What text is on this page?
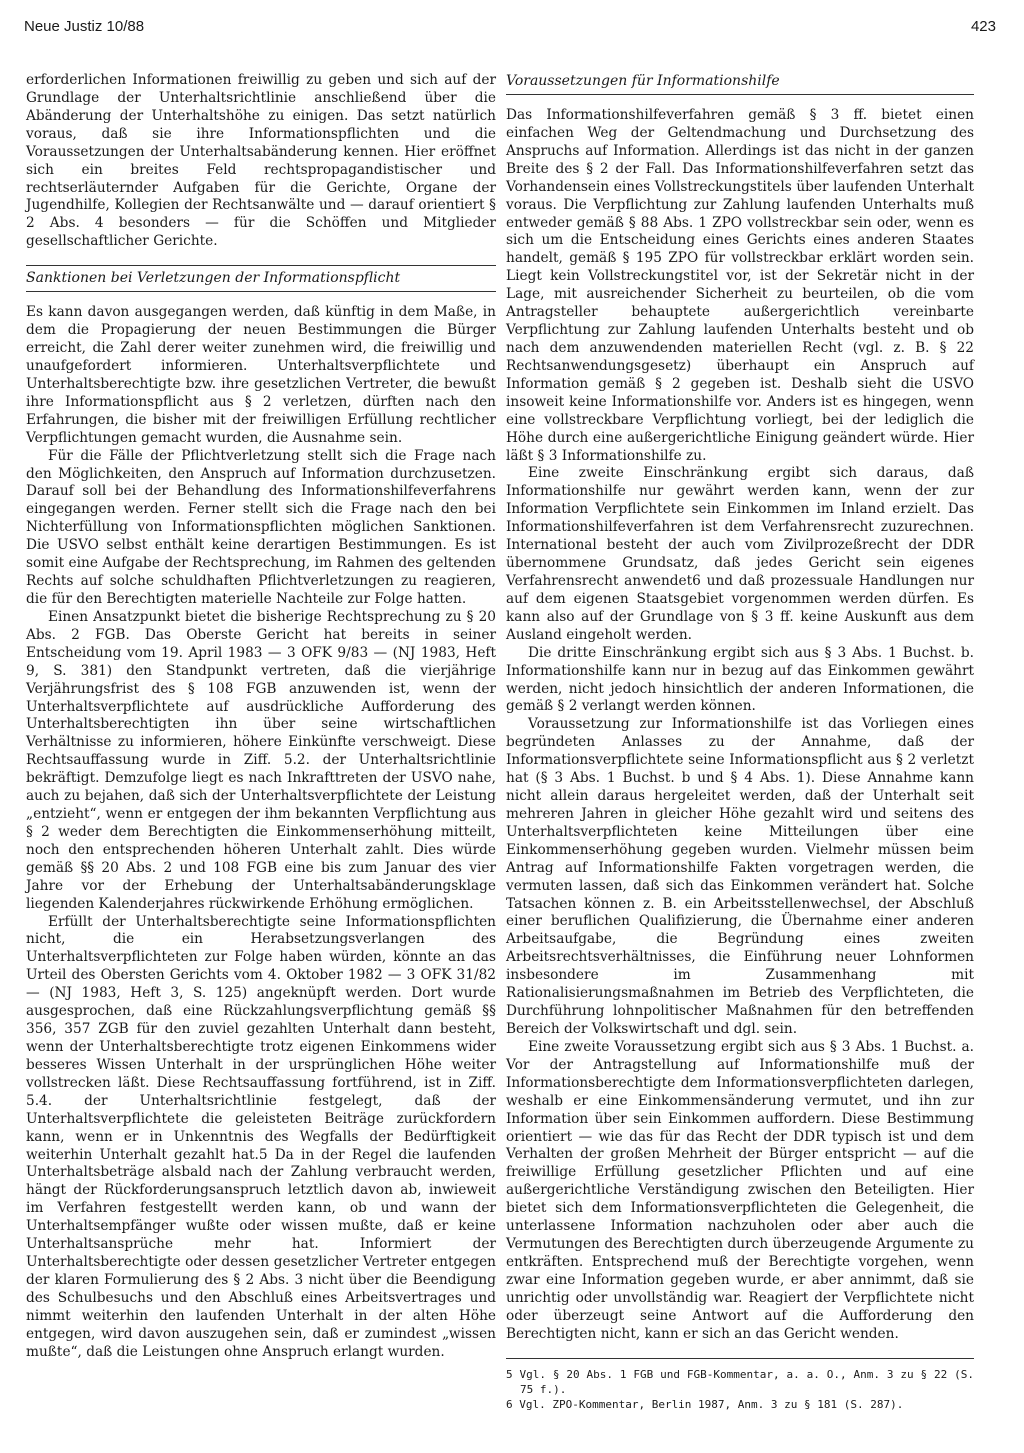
Neue Justiz 10/88	423

erforderlichen Informationen freiwillig zu geben und sich auf der Grundlage der Unterhaltsrichtlinie anschließend über die Abänderung der Unterhaltshöhe zu einigen. Das setzt natürlich voraus, daß sie ihre Informationspflichten und die Voraussetzungen der Unterhaltsabänderung kennen. Hier eröffnet sich ein breites Feld rechtspropagandistischer und rechtserläuternder Aufgaben für die Gerichte, Organe der Jugendhilfe, Kollegien der Rechtsanwälte und — darauf orientiert § 2 Abs. 4 besonders — für die Schöffen und Mitglieder gesellschaftlicher Gerichte.

Sanktionen bei Verletzungen der Informationspflicht

Es kann davon ausgegangen werden, daß künftig in dem Maße, in dem die Propagierung der neuen Bestimmungen die Bürger erreicht, die Zahl derer weiter zunehmen wird, die freiwillig und unaufgefordert informieren. Unterhaltsverpflichtete und Unterhaltsberechtigte bzw. ihre gesetzlichen Vertreter, die bewußt ihre Informationspflicht aus § 2 verletzen, dürften nach den Erfahrungen, die bisher mit der freiwilligen Erfüllung rechtlicher Verpflichtungen gemacht wurden, die Ausnahme sein.

Für die Fälle der Pflichtverletzung stellt sich die Frage nach den Möglichkeiten, den Anspruch auf Information durchzusetzen. Darauf soll bei der Behandlung des Informationshilfeverfahrens eingegangen werden. Ferner stellt sich die Frage nach den bei Nichterfüllung von Informationspflichten möglichen Sanktionen. Die USVO selbst enthält keine derartigen Bestimmungen. Es ist somit eine Aufgabe der Rechtsprechung, im Rahmen des geltenden Rechts auf solche schuldhaften Pflichtverletzungen zu reagieren, die für den Berechtigten materielle Nachteile zur Folge hatten.

Einen Ansatzpunkt bietet die bisherige Rechtsprechung zu § 20 Abs. 2 FGB. Das Oberste Gericht hat bereits in seiner Entscheidung vom 19. April 1983 — 3 OFK 9/83 — (NJ 1983, Heft 9, S. 381) den Standpunkt vertreten, daß die vierjährige Verjährungsfrist des § 108 FGB anzuwenden ist, wenn der Unterhaltsverpflichtete auf ausdrückliche Aufforderung des Unterhaltsberechtigten ihn über seine wirtschaftlichen Verhältnisse zu informieren, höhere Einkünfte verschweigt. Diese Rechtsauffassung wurde in Ziff. 5.2. der Unterhaltsrichtlinie bekräftigt. Demzufolge liegt es nach Inkrafttreten der USVO nahe, auch zu bejahen, daß sich der Unterhaltsverpflichtete der Leistung „entzieht“, wenn er entgegen der ihm bekannten Verpflichtung aus § 2 weder dem Berechtigten die Einkommenserhöhung mitteilt, noch den entsprechenden höheren Unterhalt zahlt. Dies würde gemäß §§ 20 Abs. 2 und 108 FGB eine bis zum Januar des vier Jahre vor der Erhebung der Unterhaltsabänderungsklage liegenden Kalenderjahres rückwirkende Erhöhung ermöglichen.

Erfüllt der Unterhaltsberechtigte seine Informationspflichten nicht, die ein Herabsetzungsverlangen des Unterhaltsverpflichteten zur Folge haben würden, könnte an das Urteil des Obersten Gerichts vom 4. Oktober 1982 — 3 OFK 31/82 — (NJ 1983, Heft 3, S. 125) angeknüpft werden. Dort wurde ausgesprochen, daß eine Rückzahlungsverpflichtung gemäß §§ 356, 357 ZGB für den zuviel gezahlten Unterhalt dann besteht, wenn der Unterhaltsberechtigte trotz eigenen Einkommens wider besseres Wissen Unterhalt in der ursprünglichen Höhe weiter vollstrecken läßt. Diese Rechtsauffassung fortführend, ist in Ziff. 5.4. der Unterhaltsrichtlinie festgelegt, daß der Unterhaltsverpflichtete die geleisteten Beiträge zurückfordern kann, wenn er in Unkenntnis des Wegfalls der Bedürftigkeit weiterhin Unterhalt gezahlt hat.5 Da in der Regel die laufenden Unterhaltsbeträge alsbald nach der Zahlung verbraucht werden, hängt der Rückforderungsanspruch letztlich davon ab, inwieweit im Verfahren festgestellt werden kann, ob und wann der Unterhaltsempfänger wußte oder wissen mußte, daß er keine Unterhaltsansprüche mehr hat. Informiert der Unterhaltsberechtigte oder dessen gesetzlicher Vertreter entgegen der klaren Formulierung des § 2 Abs. 3 nicht über die Beendigung des Schulbesuchs und den Abschluß eines Arbeitsvertrages und nimmt weiterhin den laufenden Unterhalt in der alten Höhe entgegen, wird davon auszugehen sein, daß er zumindest „wissen mußte“, daß die Leistungen ohne Anspruch erlangt wurden.

Voraussetzungen für Informationshilfe

Das Informationshilfeverfahren gemäß § 3 ff. bietet einen einfachen Weg der Geltendmachung und Durchsetzung des Anspruchs auf Information. Allerdings ist das nicht in der ganzen Breite des § 2 der Fall. Das Informationshilfeverfahren setzt das Vorhandensein eines Vollstreckungstitels über laufenden Unterhalt voraus. Die Verpflichtung zur Zahlung laufenden Unterhalts muß entweder gemäß § 88 Abs. 1 ZPO vollstreckbar sein oder, wenn es sich um die Entscheidung eines Gerichts eines anderen Staates handelt, gemäß § 195 ZPO für vollstreckbar erklärt worden sein. Liegt kein Vollstreckungstitel vor, ist der Sekretär nicht in der Lage, mit ausreichender Sicherheit zu beurteilen, ob die vom Antragsteller behauptete außergerichtlich vereinbarte Verpflichtung zur Zahlung laufenden Unterhalts besteht und ob nach dem anzuwendenden materiellen Recht (vgl. z. B. § 22 Rechtsanwendungsgesetz) überhaupt ein Anspruch auf Information gemäß § 2 gegeben ist. Deshalb sieht die USVO insoweit keine Informationshilfe vor. Anders ist es hingegen, wenn eine vollstreckbare Verpflichtung vorliegt, bei der lediglich die Höhe durch eine außergerichtliche Einigung geändert würde. Hier läßt § 3 Informationshilfe zu.

Eine zweite Einschränkung ergibt sich daraus, daß Informationshilfe nur gewährt werden kann, wenn der zur Information Verpflichtete sein Einkommen im Inland erzielt. Das Informationshilfeverfahren ist dem Verfahrensrecht zuzurechnen. International besteht der auch vom Zivilprozeßrecht der DDR übernommene Grundsatz, daß jedes Gericht sein eigenes Verfahrensrecht anwendet6 und daß prozessuale Handlungen nur auf dem eigenen Staatsgebiet vorgenommen werden dürfen. Es kann also auf der Grundlage von § 3 ff. keine Auskunft aus dem Ausland eingeholt werden.

Die dritte Einschränkung ergibt sich aus § 3 Abs. 1 Buchst. b. Informationshilfe kann nur in bezug auf das Einkommen gewährt werden, nicht jedoch hinsichtlich der anderen Informationen, die gemäß § 2 verlangt werden können.

Voraussetzung zur Informationshilfe ist das Vorliegen eines begründeten Anlasses zu der Annahme, daß der Informationsverpflichtete seine Informationspflicht aus § 2 verletzt hat (§ 3 Abs. 1 Buchst. b und § 4 Abs. 1). Diese Annahme kann nicht allein daraus hergeleitet werden, daß der Unterhalt seit mehreren Jahren in gleicher Höhe gezahlt wird und seitens des Unterhaltsverpflichteten keine Mitteilungen über eine Einkommenserhöhung gegeben wurden. Vielmehr müssen beim Antrag auf Informationshilfe Fakten vorgetragen werden, die vermuten lassen, daß sich das Einkommen verändert hat. Solche Tatsachen können z. B. ein Arbeitsstellenwechsel, der Abschluß einer beruflichen Qualifizierung, die Übernahme einer anderen Arbeitsaufgabe, die Begründung eines zweiten Arbeitsrechtsverhältnisses, die Einführung neuer Lohnformen insbesondere im Zusammenhang mit Rationalisierungsmaßnahmen im Betrieb des Verpflichteten, die Durchführung lohnpolitischer Maßnahmen für den betreffenden Bereich der Volkswirtschaft und dgl. sein.

Eine zweite Voraussetzung ergibt sich aus § 3 Abs. 1 Buchst. a. Vor der Antragstellung auf Informationshilfe muß der Informationsberechtigte dem Informationsverpflichteten darlegen, weshalb er eine Einkommensänderung vermutet, und ihn zur Information über sein Einkommen auffordern. Diese Bestimmung orientiert — wie das für das Recht der DDR typisch ist und dem Verhalten der großen Mehrheit der Bürger entspricht — auf die freiwillige Erfüllung gesetzlicher Pflichten und auf eine außergerichtliche Verständigung zwischen den Beteiligten. Hier bietet sich dem Informationsverpflichteten die Gelegenheit, die unterlassene Information nachzuholen oder aber auch die Vermutungen des Berechtigten durch überzeugende Argumente zu entkräften. Entsprechend muß der Berechtigte vorgehen, wenn zwar eine Information gegeben wurde, er aber annimmt, daß sie unrichtig oder unvollständig war. Reagiert der Verpflichtete nicht oder überzeugt seine Antwort auf die Aufforderung den Berechtigten nicht, kann er sich an das Gericht wenden.

5 Vgl. § 20 Abs. 1 FGB und FGB-Kommentar, a. a. O., Anm. 3 zu § 22 (S. 75 f.).

6 Vgl. ZPO-Kommentar, Berlin 1987, Anm. 3 zu § 181 (S. 287).
